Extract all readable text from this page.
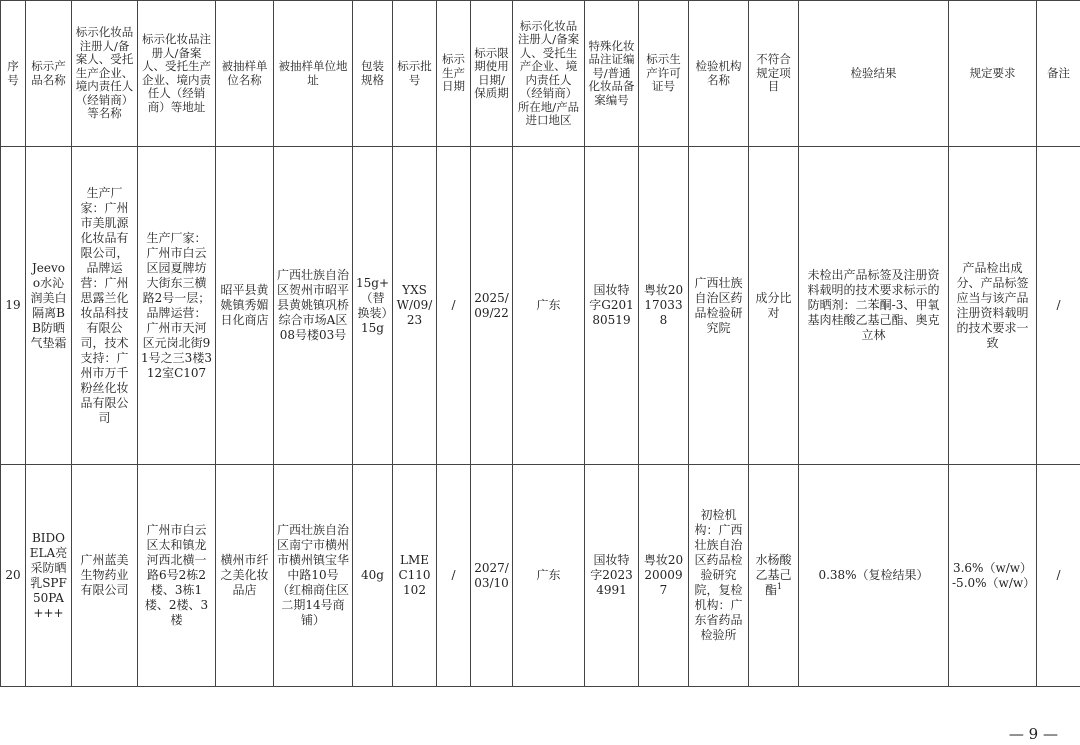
序号	标示产品名称	标示化妆品注册人/备案人、受托生产企业、境内责任人（经销商）等名称	标示化妆品注册人/备案人、受托生产企业、境内责任人（经销商）等地址	被抽样单位名称	被抽样单位地址	包装规格	标示批号	标示生产日期	标示限期使用日期/保质期	标示化妆品注册人/备案人、受托生产企业、境内责任人（经销商）所在地/产品进口地区	特殊化妆品注证编号/普通化妆品备案编号	标示生产许可证号	检验机构名称	不符合规定项目	检验结果	规定要求	备注
19	Jeevoo水沁润美白隔离BB防晒气垫霜	生产厂家：广州市美肌源化妆品有限公司，品牌运营：广州思露兰化妆品科技有限公司，技术支持：广州市万千粉丝化妆品有限公司	生产厂家：广州市白云区园夏牌坊大街东三横路2号一层；品牌运营：广州市天河区元岗北街91号之三3楼312室C107	昭平县黄姚镇秀媚日化商店	广西壮族自治区贺州市昭平县黄姚镇巩桥综合市场A区08号楼03号	15g+（替换装）15g	YXSW/09/23	/	2025/09/22	广东	国妆特字G20180519	粤妆20170338	广西壮族自治区药品检验研究院	成分比对	未检出产品标签及注册资料载明的技术要求标示的防晒剂：二苯酮-3、甲氧基肉桂酸乙基己酯、奥克立林	产品检出成分、产品标签应当与该产品注册资料载明的技术要求一致	/
20	BIDOELA亮采防晒乳SPF50PA+++	广州蓝美生物药业有限公司	广州市白云区太和镇龙河西北横一路6号2栋2楼、3栋1楼、2楼、3楼	横州市纤之美化妆品店	广西壮族自治区南宁市横州市横州镇宝华中路10号（红棉商住区二期14号商铺）	40g	LMEC110102	/	2027/03/10	广东	国妆特字20234991	粤妆20200097	初检机构：广西壮族自治区药品检验研究院，复检机构：广东省药品检验所	水杨酸乙基己酯$^1$	0.38%（复检结果）	3.6%（w/w）-5.0%（w/w）	/
— 9 —
